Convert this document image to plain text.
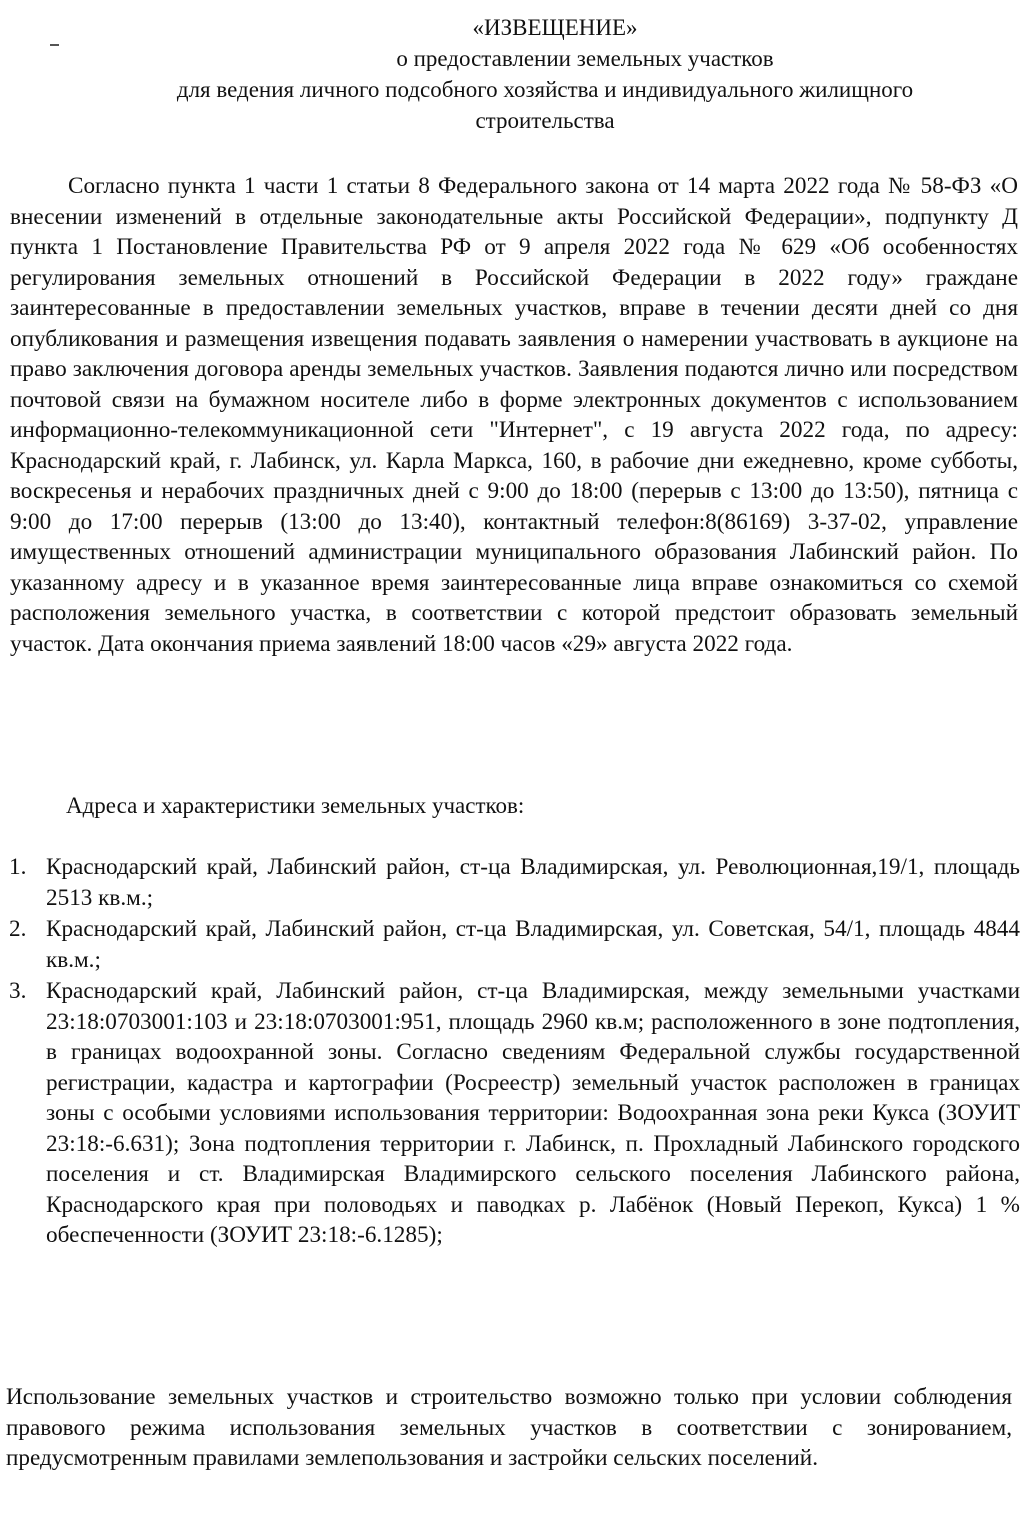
«ИЗВЕЩЕНИЕ»
о предоставлении земельных участков
для ведения личного подсобного хозяйства и индивидуального жилищного
строительства

Согласно пункта 1 части 1 статьи 8 Федерального закона от 14 марта 2022 года № 58-ФЗ «О внесении изменений в отдельные законодательные акты Российской Федерации», подпункту Д пункта 1 Постановление Правительства РФ от 9 апреля 2022 года № 629 «Об особенностях регулирования земельных отношений в Российской Федерации в 2022 году» граждане заинтересованные в предоставлении земельных участков, вправе в течении десяти дней со дня опубликования и размещения извещения подавать заявления о намерении участвовать в аукционе на право заключения договора аренды земельных участков. Заявления подаются лично или посредством почтовой связи на бумажном носителе либо в форме электронных документов с использованием информационно-телекоммуникационной сети "Интернет", с 19 августа 2022 года, по адресу: Краснодарский край, г. Лабинск, ул. Карла Маркса, 160, в рабочие дни ежедневно, кроме субботы, воскресенья и нерабочих праздничных дней с 9:00 до 18:00 (перерыв с 13:00 до 13:50), пятница с 9:00 до 17:00 перерыв (13:00 до 13:40), контактный телефон:8(86169) 3-37-02, управление имущественных отношений администрации муниципального образования Лабинский район. По указанному адресу и в указанное время заинтересованные лица вправе ознакомиться со схемой расположения земельного участка, в соответствии с которой предстоит образовать земельный участок. Дата окончания приема заявлений 18:00 часов «29» августа 2022 года.

Адреса и характеристики земельных участков:
1. Краснодарский край, Лабинский район, ст-ца Владимирская, ул. Революционная,19/1, площадь 2513 кв.м.;
2. Краснодарский край, Лабинский район, ст-ца Владимирская, ул. Советская, 54/1, площадь 4844 кв.м.;
3. Краснодарский край, Лабинский район, ст-ца Владимирская, между земельными участками 23:18:0703001:103 и 23:18:0703001:951, площадь 2960 кв.м; расположенного в зоне подтопления, в границах водоохранной зоны. Согласно сведениям Федеральной службы государственной регистрации, кадастра и картографии (Росреестр) земельный участок расположен в границах зоны с особыми условиями использования территории: Водоохранная зона реки Кукса (ЗОУИТ 23:18:-6.631); Зона подтопления территории г. Лабинск, п. Прохладный Лабинского городского поселения и ст. Владимирская Владимирского сельского поселения Лабинского района, Краснодарского края при половодьях и паводках р. Лабёнок (Новый Перекоп, Кукса) 1 % обеспеченности (ЗОУИТ 23:18:-6.1285);

Использование земельных участков и строительство возможно только при условии соблюдения правового режима использования земельных участков в соответствии с зонированием, предусмотренным правилами землепользования и застройки сельских поселений.
